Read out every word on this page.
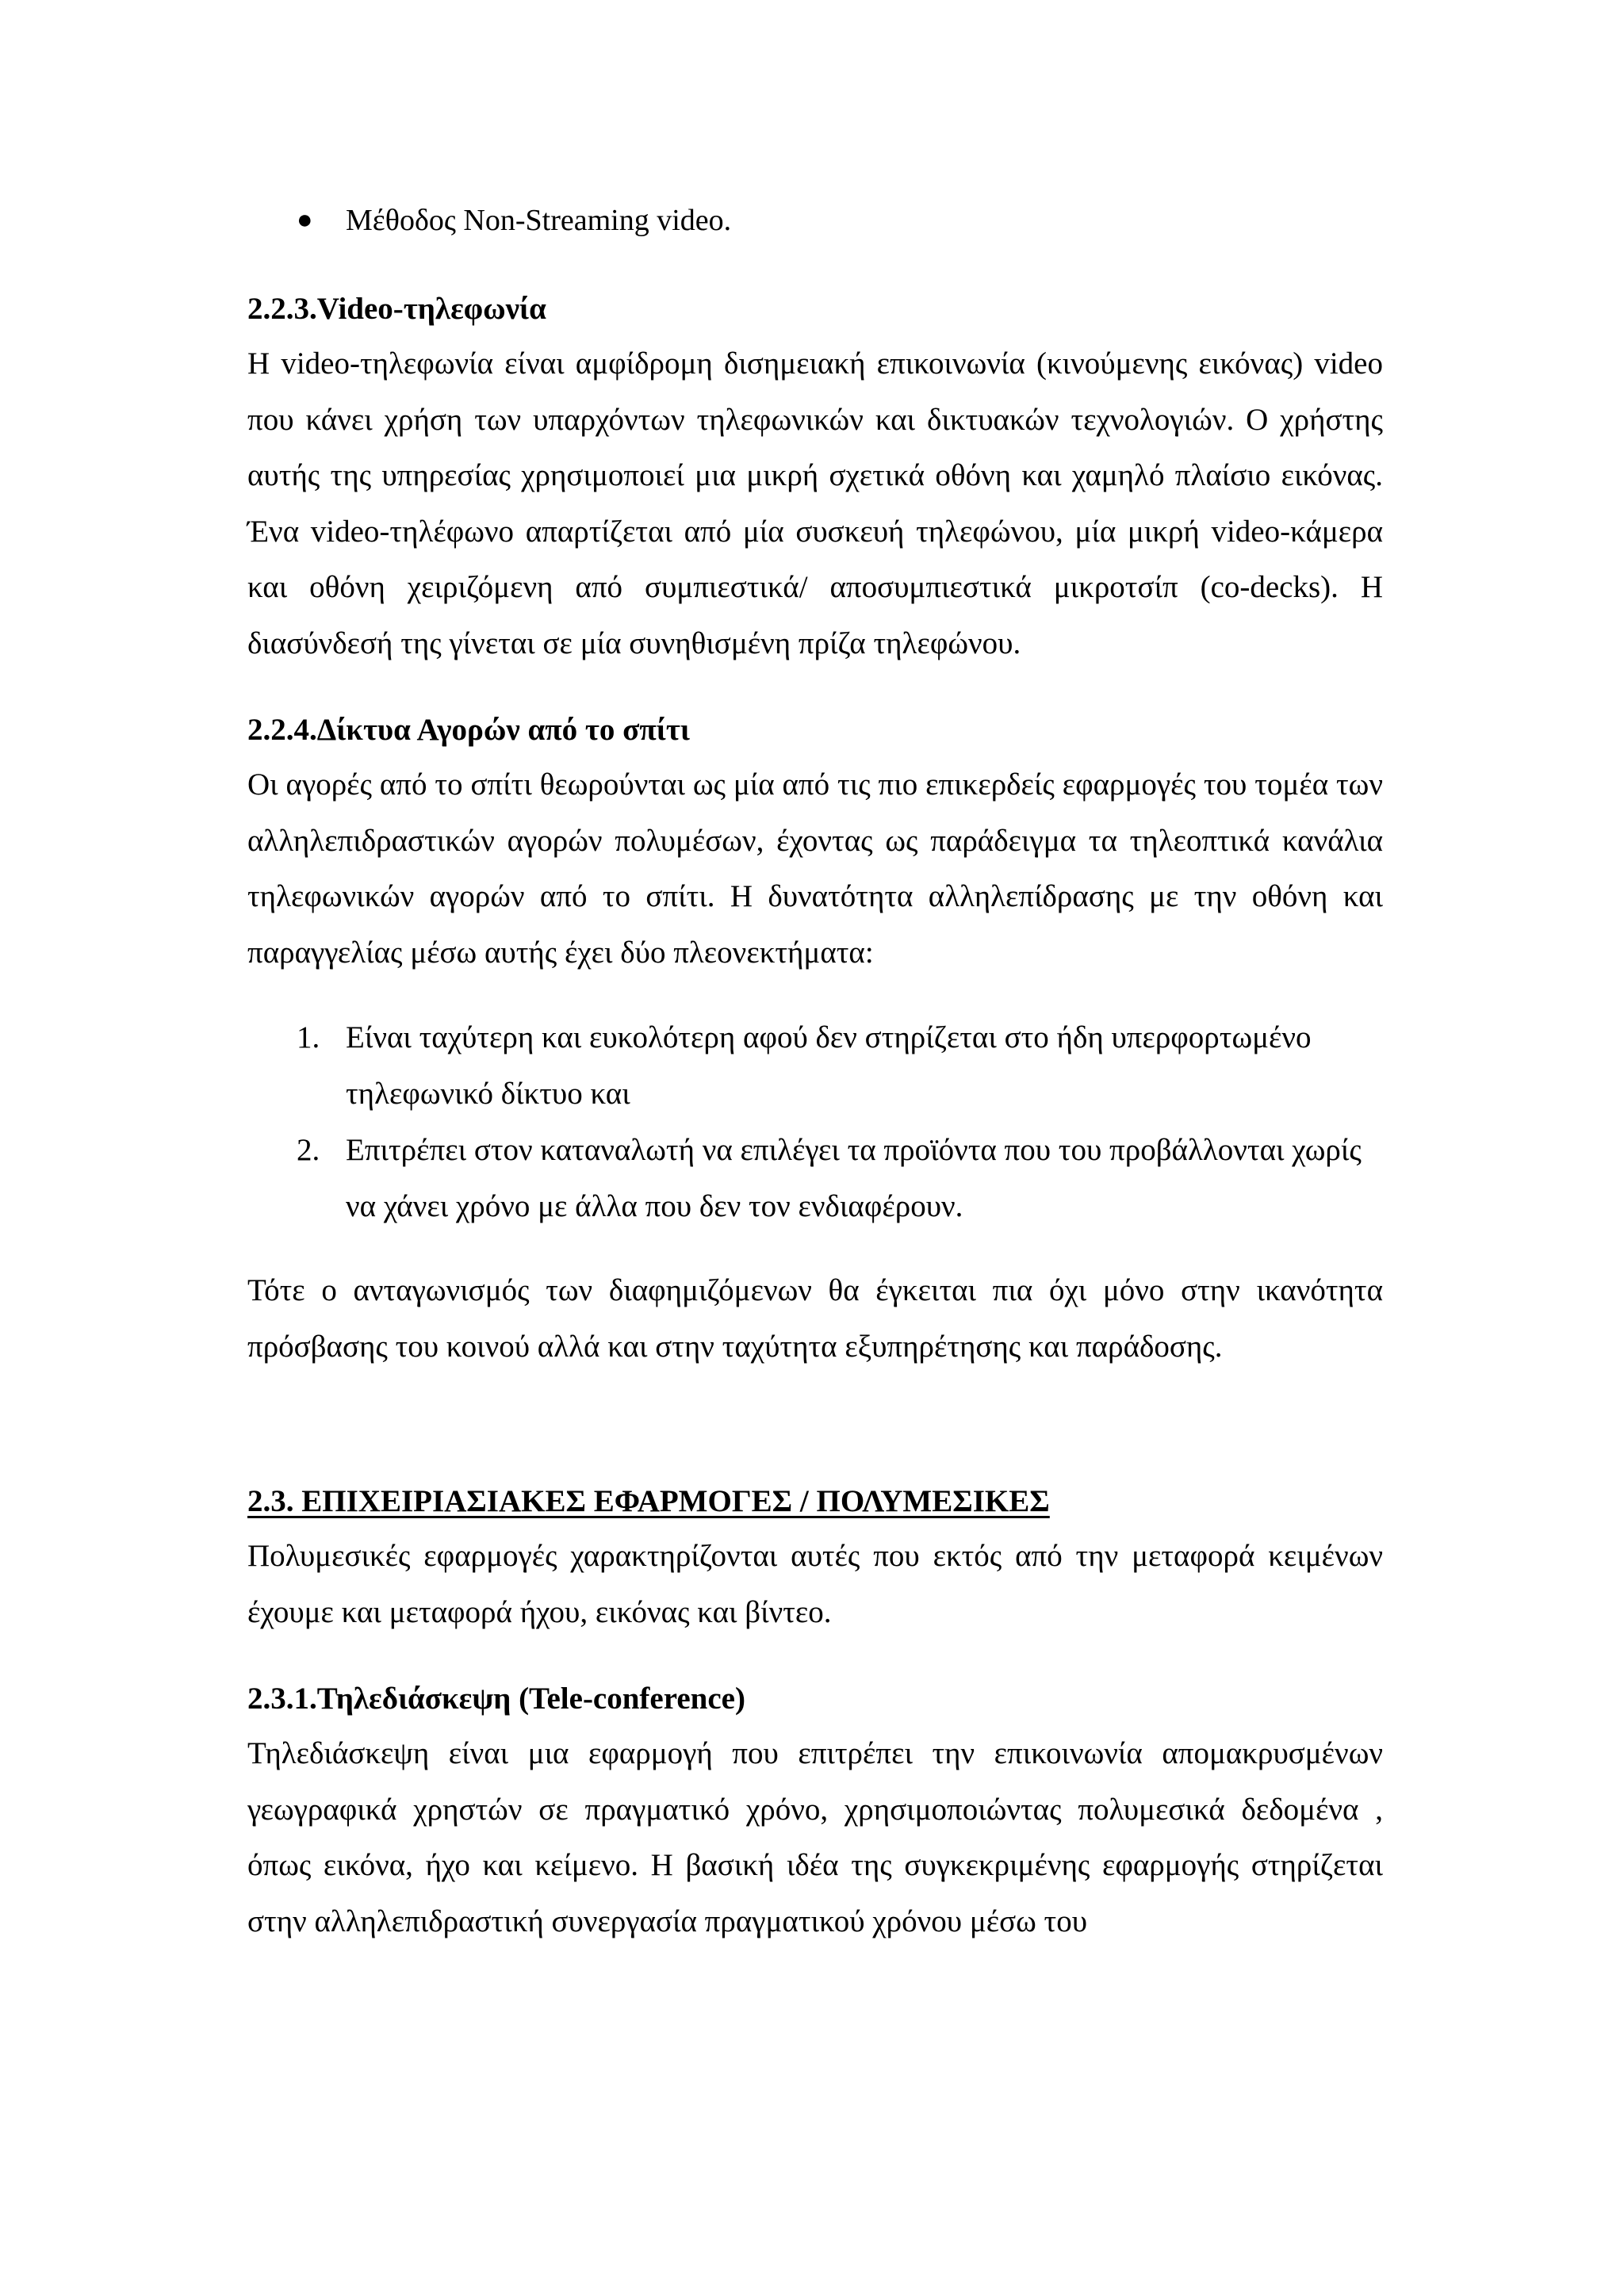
● Μέθοδος Non-Streaming video.
2.2.3.Video-τηλεφωνία

Η video-τηλεφωνία είναι αμφίδρομη δισημειακή επικοινωνία (κινούμενης εικόνας) video που κάνει χρήση των υπαρχόντων τηλεφωνικών και δικτυακών τεχνολογιών. Ο χρήστης αυτής της υπηρεσίας χρησιμοποιεί μια μικρή σχετικά οθόνη και χαμηλό πλαίσιο εικόνας. Ένα video-τηλέφωνο απαρτίζεται από μία συσκευή τηλεφώνου, μία μικρή video-κάμερα και οθόνη χειριζόμενη από συμπιεστικά/ αποσυμπιεστικά μικροτσίπ (co-decks). Η διασύνδεσή της γίνεται σε μία συνηθισμένη πρίζα τηλεφώνου.

2.2.4.Δίκτυα Αγορών από το σπίτι

Οι αγορές από το σπίτι θεωρούνται ως μία από τις πιο επικερδείς εφαρμογές του τομέα των αλληλεπιδραστικών αγορών πολυμέσων, έχοντας ως παράδειγμα τα τηλεοπτικά κανάλια τηλεφωνικών αγορών από το σπίτι. Η δυνατότητα αλληλεπίδρασης με την οθόνη και παραγγελίας μέσω αυτής έχει δύο πλεονεκτήματα:

1. Είναι ταχύτερη και ευκολότερη αφού δεν στηρίζεται στο ήδη υπερφορτωμένο τηλεφωνικό δίκτυο και
2. Επιτρέπει στον καταναλωτή να επιλέγει τα προϊόντα που του προβάλλονται χωρίς να χάνει χρόνο με άλλα που δεν τον ενδιαφέρουν.

Τότε ο ανταγωνισμός των διαφημιζόμενων θα έγκειται πια όχι μόνο στην ικανότητα πρόσβασης του κοινού αλλά και στην ταχύτητα εξυπηρέτησης και παράδοσης.

2.3. ΕΠΙΧΕΙΡΙΑΣΙΑΚΕΣ ΕΦΑΡΜΟΓΕΣ / ΠΟΛΥΜΕΣΙΚΕΣ

Πολυμεσικές εφαρμογές χαρακτηρίζονται αυτές που εκτός από την μεταφορά κειμένων έχουμε και μεταφορά ήχου, εικόνας και βίντεο.

2.3.1.Τηλεδιάσκεψη (Tele-conference)

Τηλεδιάσκεψη είναι μια εφαρμογή που επιτρέπει την επικοινωνία απομακρυσμένων γεωγραφικά χρηστών σε πραγματικό χρόνο, χρησιμοποιώντας πολυμεσικά δεδομένα , όπως εικόνα, ήχο και κείμενο. Η βασική ιδέα της συγκεκριμένης εφαρμογής στηρίζεται στην αλληλεπιδραστική συνεργασία πραγματικού χρόνου μέσω του
